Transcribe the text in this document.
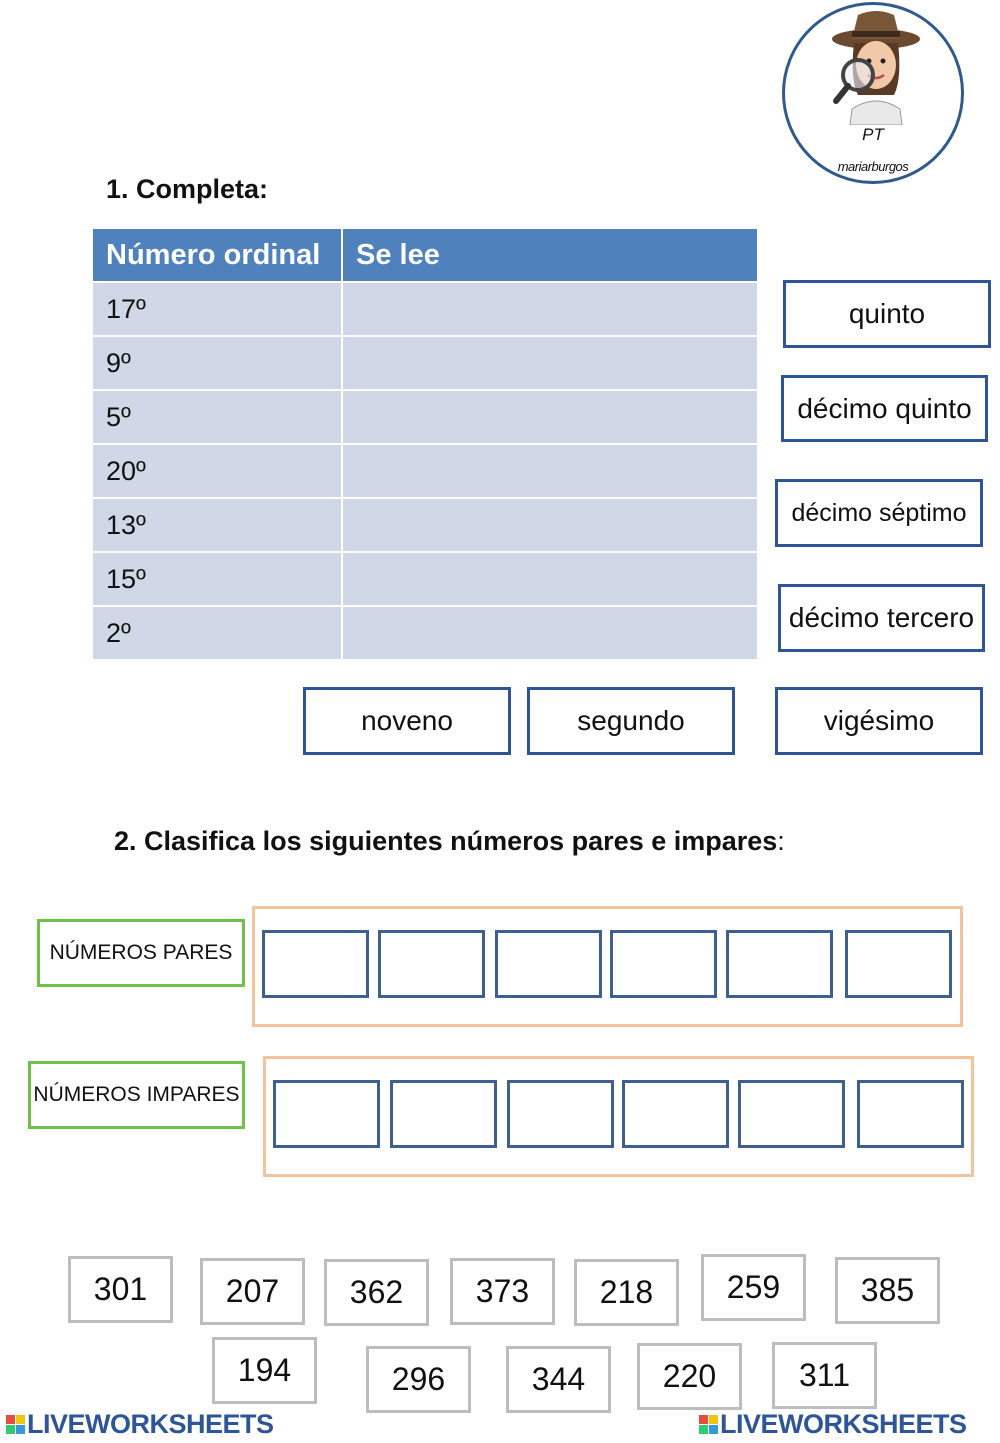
PT
mariarburgos
1. Completa:
Número ordinal	Se lee
17º	
9º	
5º	
20º	
13º	
15º	
2º	
quinto
décimo quinto
décimo séptimo
décimo tercero
noveno	segundo	vigésimo
2. Clasifica los siguientes números pares e impares:
NÚMEROS PARES
NÚMEROS IMPARES
301	207	362	373	218	259	385
194	296	344	220	311
LIVEWORKSHEETS	LIVEWORKSHEETS
